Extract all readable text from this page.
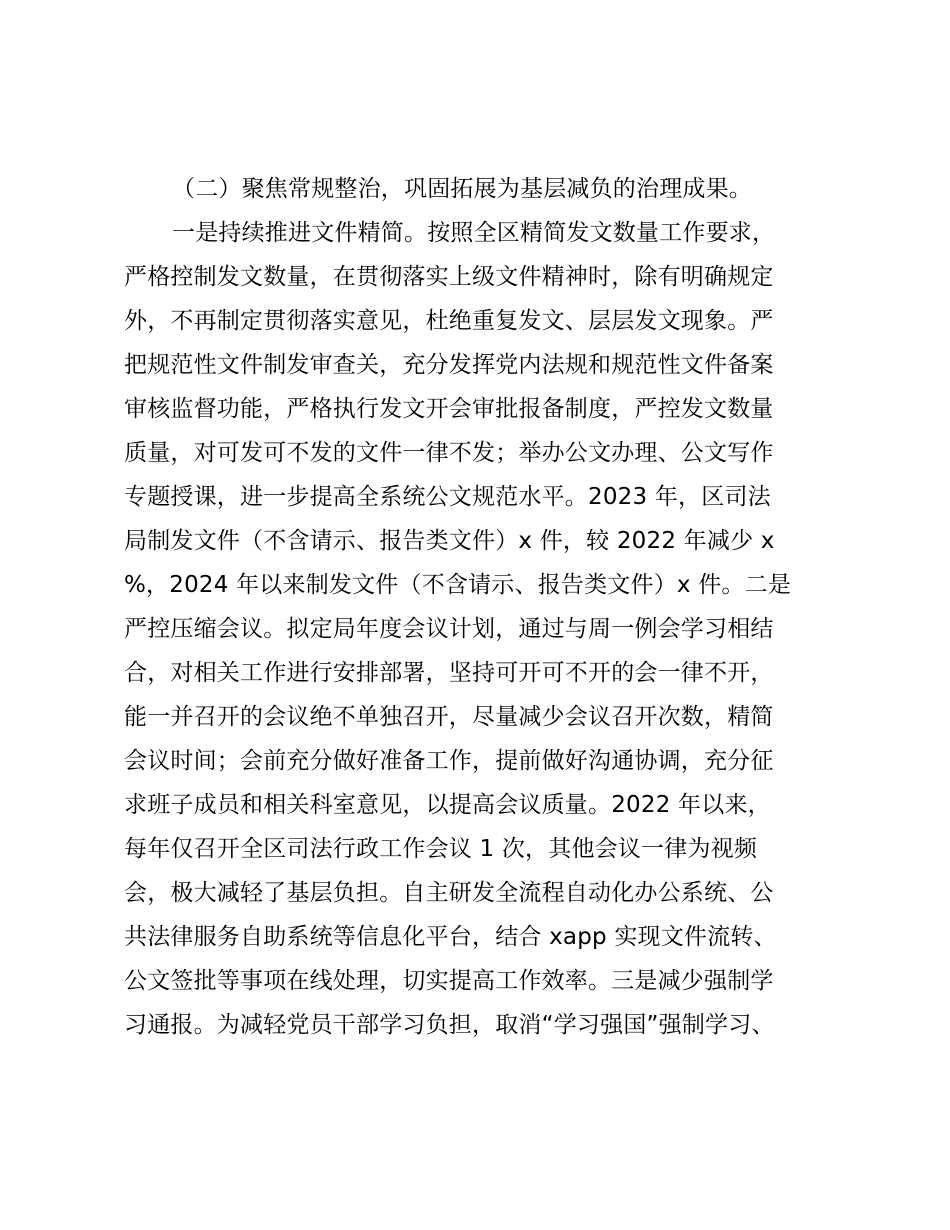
（二）聚焦常规整治，巩固拓展为基层减负的治理成果。
一是持续推进文件精简。按照全区精简发文数量工作要求，
严格控制发文数量，在贯彻落实上级文件精神时，除有明确规定
外，不再制定贯彻落实意见，杜绝重复发文、层层发文现象。严
把规范性文件制发审查关，充分发挥党内法规和规范性文件备案
审核监督功能，严格执行发文开会审批报备制度，严控发文数量
质量，对可发可不发的文件一律不发；举办公文办理、公文写作
专题授课，进一步提高全系统公文规范水平。2023 年，区司法
局制发文件（不含请示、报告类文件）x 件，较 2022 年减少 x
%，2024 年以来制发文件（不含请示、报告类文件）x 件。二是
严控压缩会议。拟定局年度会议计划，通过与周一例会学习相结
合，对相关工作进行安排部署，坚持可开可不开的会一律不开，
能一并召开的会议绝不单独召开，尽量减少会议召开次数，精简
会议时间；会前充分做好准备工作，提前做好沟通协调，充分征
求班子成员和相关科室意见，以提高会议质量。2022 年以来，
每年仅召开全区司法行政工作会议 1 次，其他会议一律为视频
会，极大减轻了基层负担。自主研发全流程自动化办公系统、公
共法律服务自助系统等信息化平台，结合 xapp 实现文件流转、
公文签批等事项在线处理，切实提高工作效率。三是减少强制学
习通报。为减轻党员干部学习负担，取消“学习强国”强制学习、
